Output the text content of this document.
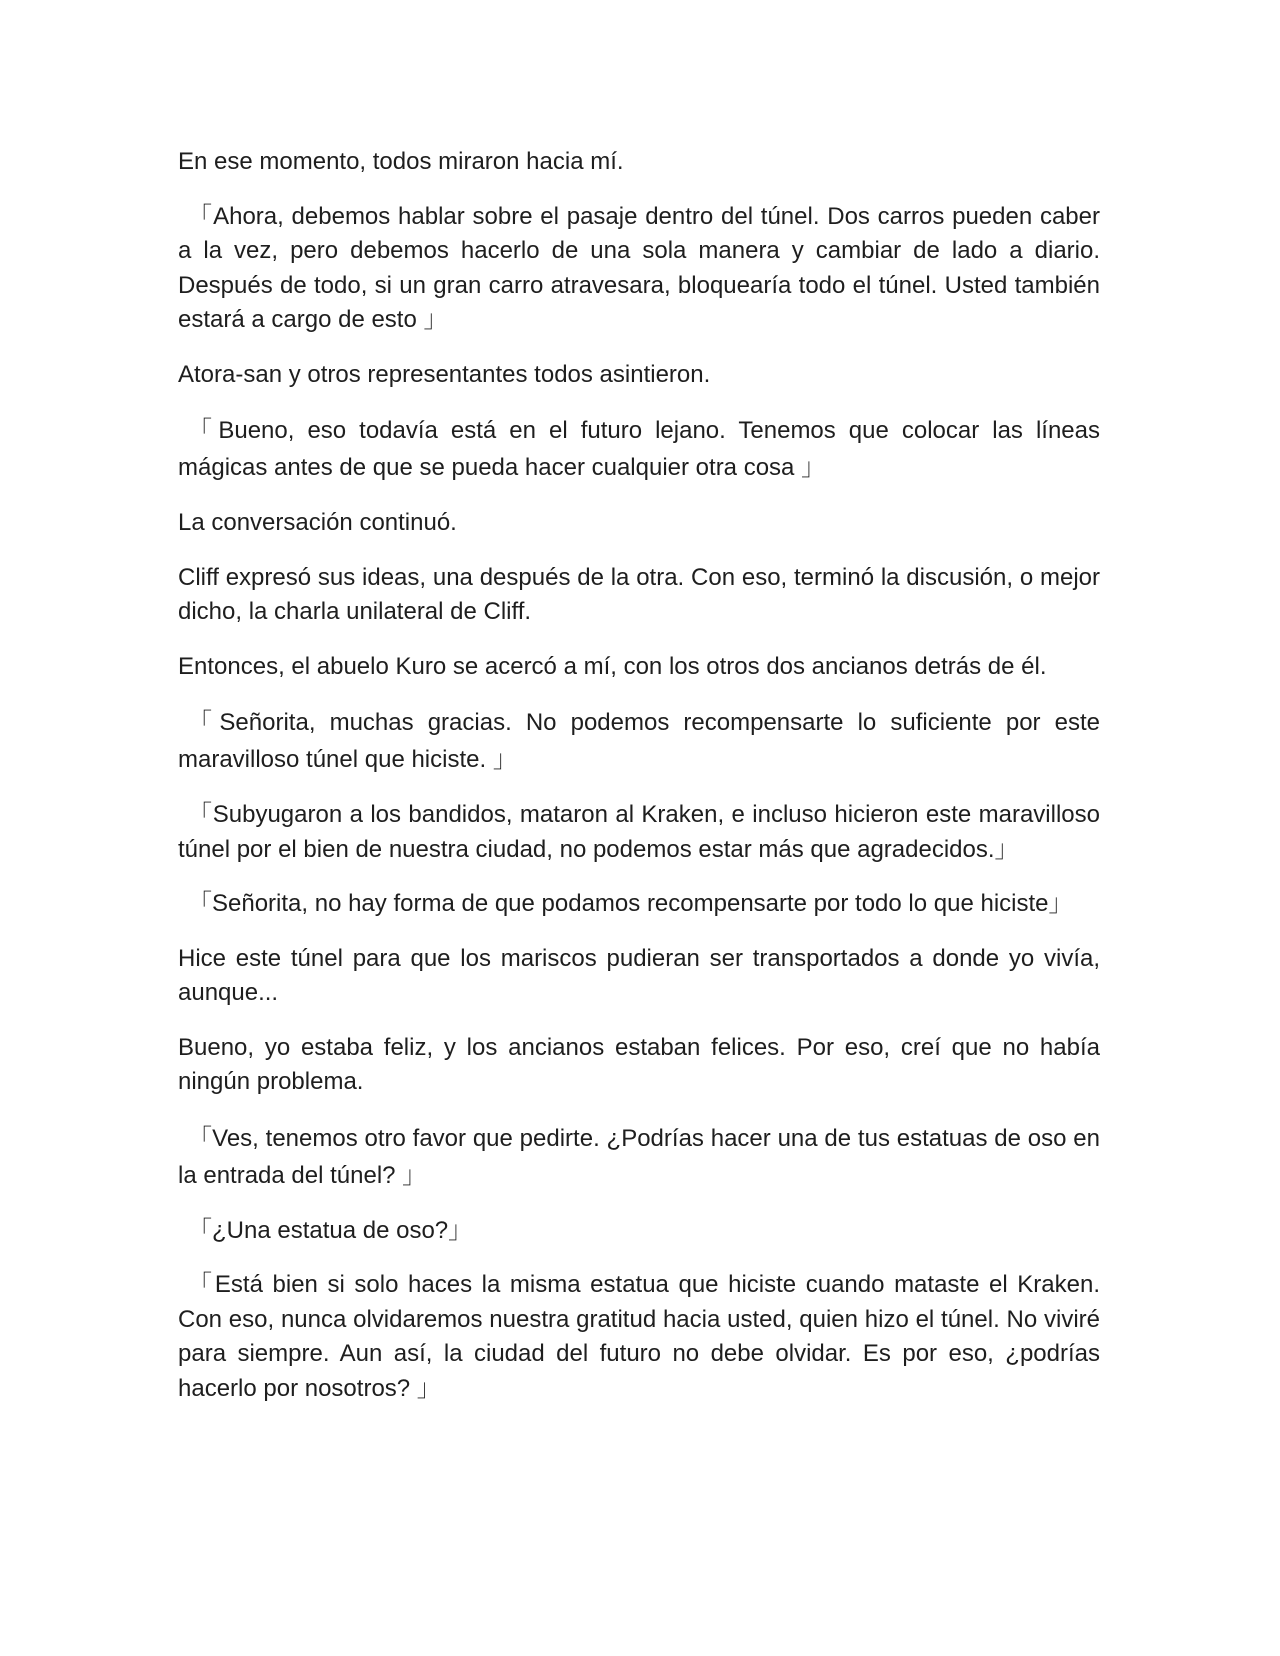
En ese momento, todos miraron hacia mí.

「Ahora, debemos hablar sobre el pasaje dentro del túnel. Dos carros pueden caber a la vez, pero debemos hacerlo de una sola manera y cambiar de lado a diario. Después de todo, si un gran carro atravesara, bloquearía todo el túnel. Usted también estará a cargo de esto 」

Atora-san y otros representantes todos asintieron.

「Bueno, eso todavía está en el futuro lejano. Tenemos que colocar las líneas mágicas antes de que se pueda hacer cualquier otra cosa 」

La conversación continuó.

Cliff expresó sus ideas, una después de la otra. Con eso, terminó la discusión, o mejor dicho, la charla unilateral de Cliff.

Entonces, el abuelo Kuro se acercó a mí, con los otros dos ancianos detrás de él.

「Señorita, muchas gracias. No podemos recompensarte lo suficiente por este maravilloso túnel que hiciste. 」

「Subyugaron a los bandidos, mataron al Kraken, e incluso hicieron este maravilloso túnel por el bien de nuestra ciudad, no podemos estar más que agradecidos.」

「Señorita, no hay forma de que podamos recompensarte por todo lo que hiciste」

Hice este túnel para que los mariscos pudieran ser transportados a donde yo vivía, aunque...

Bueno, yo estaba feliz, y los ancianos estaban felices. Por eso, creí que no había ningún problema.

「Ves, tenemos otro favor que pedirte. ¿Podrías hacer una de tus estatuas de oso en la entrada del túnel? 」

「¿Una estatua de oso?」

「Está bien si solo haces la misma estatua que hiciste cuando mataste el Kraken. Con eso, nunca olvidaremos nuestra gratitud hacia usted, quien hizo el túnel. No viviré para siempre. Aun así, la ciudad del futuro no debe olvidar. Es por eso, ¿podrías hacerlo por nosotros? 」
